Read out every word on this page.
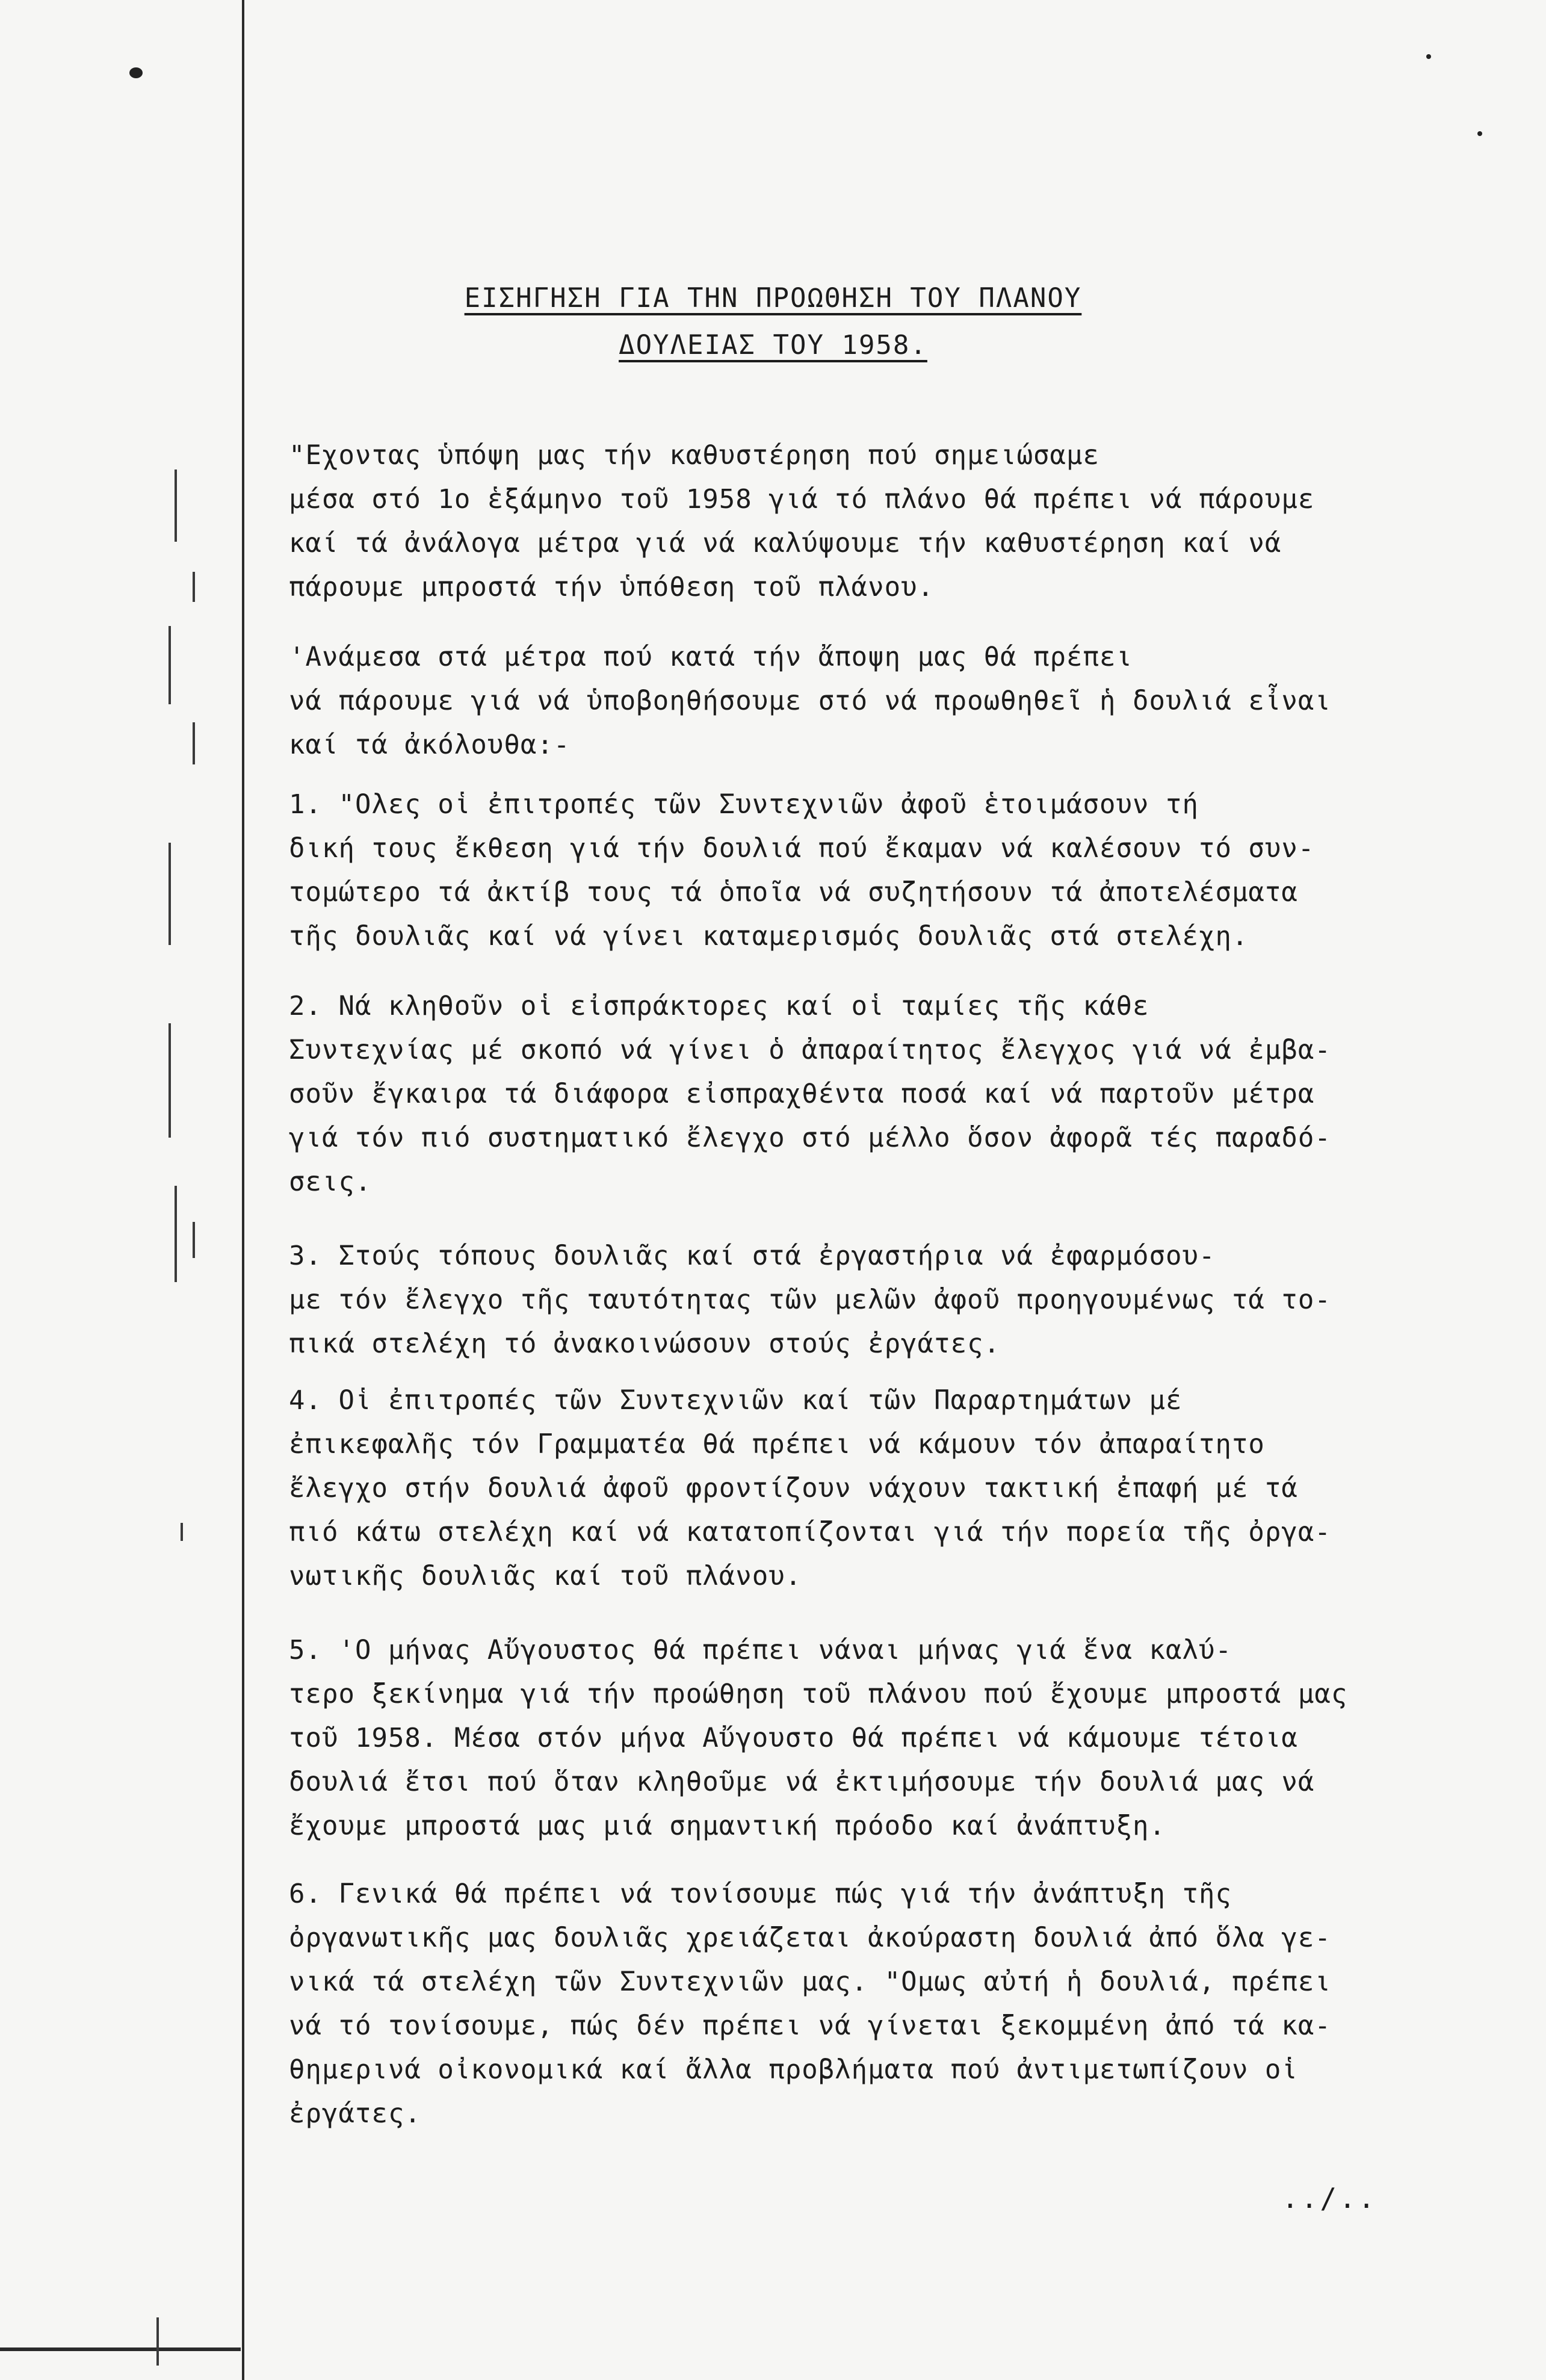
ΕΙΣΗΓΗΣΗ ΓΙΑ ΤΗΝ ΠΡΟΩΘΗΣΗ ΤΟΥ ΠΛΑΝΟΥ
ΔΟΥΛΕΙΑΣ ΤΟΥ 1958.
"Εχοντας ὑπόψη μας τήν καθυστέρηση πού σημειώσαμε
μέσα στό 1ο ἑξάμηνο τοῦ 1958 γιά τό πλάνο θά πρέπει νά πάρουμε
καί τά ἀνάλογα μέτρα γιά νά καλύψουμε τήν καθυστέρηση καί νά
πάρουμε μπροστά τήν ὑπόθεση τοῦ πλάνου.
'Ανάμεσα στά μέτρα πού κατά τήν ἄποψη μας θά πρέπει
νά πάρουμε γιά νά ὑποβοηθήσουμε στό νά προωθηθεῖ ἡ δουλιά εἶναι
καί τά ἀκόλουθα:-
1. "Ολες οἱ ἐπιτροπές τῶν Συντεχνιῶν ἀφοῦ ἑτοιμάσουν τή
δική τους ἔκθεση γιά τήν δουλιά πού ἔκαμαν νά καλέσουν τό συν-
τομώτερο τά ἀκτίβ τους τά ὁποῖα νά συζητήσουν τά ἀποτελέσματα
τῆς δουλιᾶς καί νά γίνει καταμερισμός δουλιᾶς στά στελέχη.
2. Νά κληθοῦν οἱ εἰσπράκτορες καί οἱ ταμίες τῆς κάθε
Συντεχνίας μέ σκοπό νά γίνει ὁ ἀπαραίτητος ἔλεγχος γιά νά ἐμβα-
σοῦν ἔγκαιρα τά διάφορα εἰσπραχθέντα ποσά καί νά παρτοῦν μέτρα
γιά τόν πιό συστηματικό ἔλεγχο στό μέλλο ὅσον ἀφορᾶ τές παραδό-
σεις.
3. Στούς τόπους δουλιᾶς καί στά ἐργαστήρια νά ἐφαρμόσου-
με τόν ἔλεγχο τῆς ταυτότητας τῶν μελῶν ἀφοῦ προηγουμένως τά το-
πικά στελέχη τό ἀνακοινώσουν στούς ἐργάτες.
4. Οἱ ἐπιτροπές τῶν Συντεχνιῶν καί τῶν Παραρτημάτων μέ
ἐπικεφαλῆς τόν Γραμματέα θά πρέπει νά κάμουν τόν ἀπαραίτητο
ἔλεγχο στήν δουλιά ἀφοῦ φροντίζουν νάχουν τακτική ἐπαφή μέ τά
πιό κάτω στελέχη καί νά κατατοπίζονται γιά τήν πορεία τῆς ὀργα-
νωτικῆς δουλιᾶς καί τοῦ πλάνου.
5. 'Ο μήνας Αὔγουστος θά πρέπει νάναι μήνας γιά ἕνα καλύ-
τερο ξεκίνημα γιά τήν προώθηση τοῦ πλάνου πού ἔχουμε μπροστά μας
τοῦ 1958. Μέσα στόν μήνα Αὔγουστο θά πρέπει νά κάμουμε τέτοια
δουλιά ἔτσι πού ὅταν κληθοῦμε νά ἐκτιμήσουμε τήν δουλιά μας νά
ἔχουμε μπροστά μας μιά σημαντική πρόοδο καί ἀνάπτυξη.
6. Γενικά θά πρέπει νά τονίσουμε πώς γιά τήν ἀνάπτυξη τῆς
ὀργανωτικῆς μας δουλιᾶς χρειάζεται ἀκούραστη δουλιά ἀπό ὅλα γε-
νικά τά στελέχη τῶν Συντεχνιῶν μας. "Ομως αὐτή ἡ δουλιά, πρέπει
νά τό τονίσουμε, πώς δέν πρέπει νά γίνεται ξεκομμένη ἀπό τά κα-
θημερινά οἰκονομικά καί ἄλλα προβλήματα πού ἀντιμετωπίζουν οἱ
ἐργάτες.
../..
